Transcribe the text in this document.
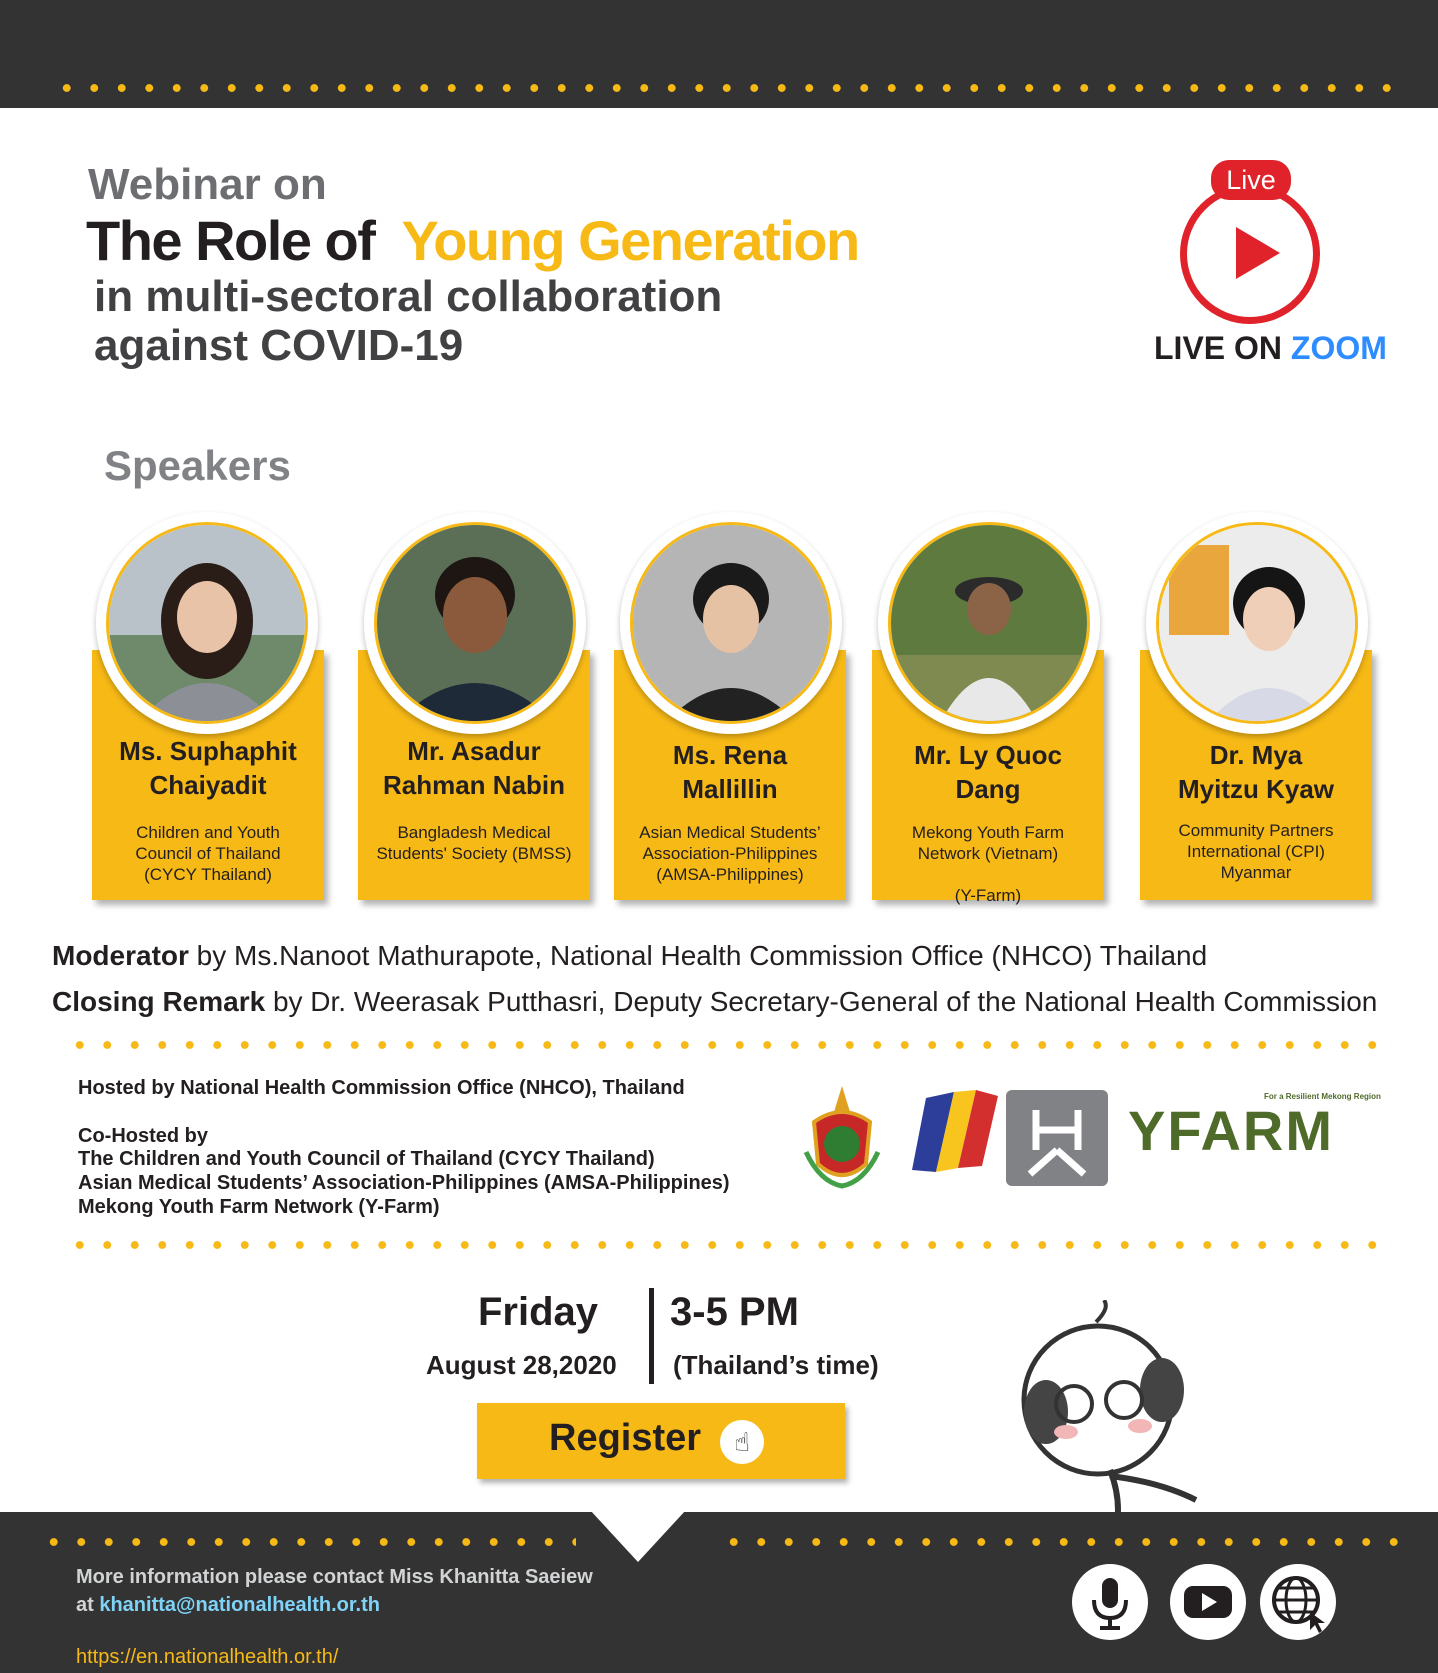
Webinar on
The Role of Young Generation
in multi-sectoral collaboration
against COVID-19
Live
LIVE ON ZOOM
Speakers
Ms. Suphaphit
Chaiyadit
Children and Youth
Council of Thailand
(CYCY Thailand)
Mr. Asadur
Rahman Nabin
Bangladesh Medical
Students' Society (BMSS)
Ms. Rena
Mallillin
Asian Medical Students’
Association-Philippines
(AMSA-Philippines)
Mr. Ly Quoc
Dang
Mekong Youth Farm
Network (Vietnam)

(Y-Farm)
Dr. Mya
Myitzu Kyaw
Community Partners
International (CPI)
Myanmar
Moderator by Ms.Nanoot Mathurapote, National Health Commission Office (NHCO) Thailand
Closing Remark by Dr. Weerasak Putthasri, Deputy Secretary-General of the National Health Commission
Hosted by National Health Commission Office (NHCO), Thailand
Co-Hosted by
The Children and Youth Council of Thailand (CYCY Thailand)
Asian Medical Students’ Association-Philippines (AMSA-Philippines)
Mekong Youth Farm Network (Y-Farm)
For a Resilient Mekong Region
YFARM
Friday
August 28,2020
3-5 PM
(Thailand’s time)
Register	☝
More information please contact Miss Khanitta Saeiew
at khanitta@nationalhealth.or.th
https://en.nationalhealth.or.th/
